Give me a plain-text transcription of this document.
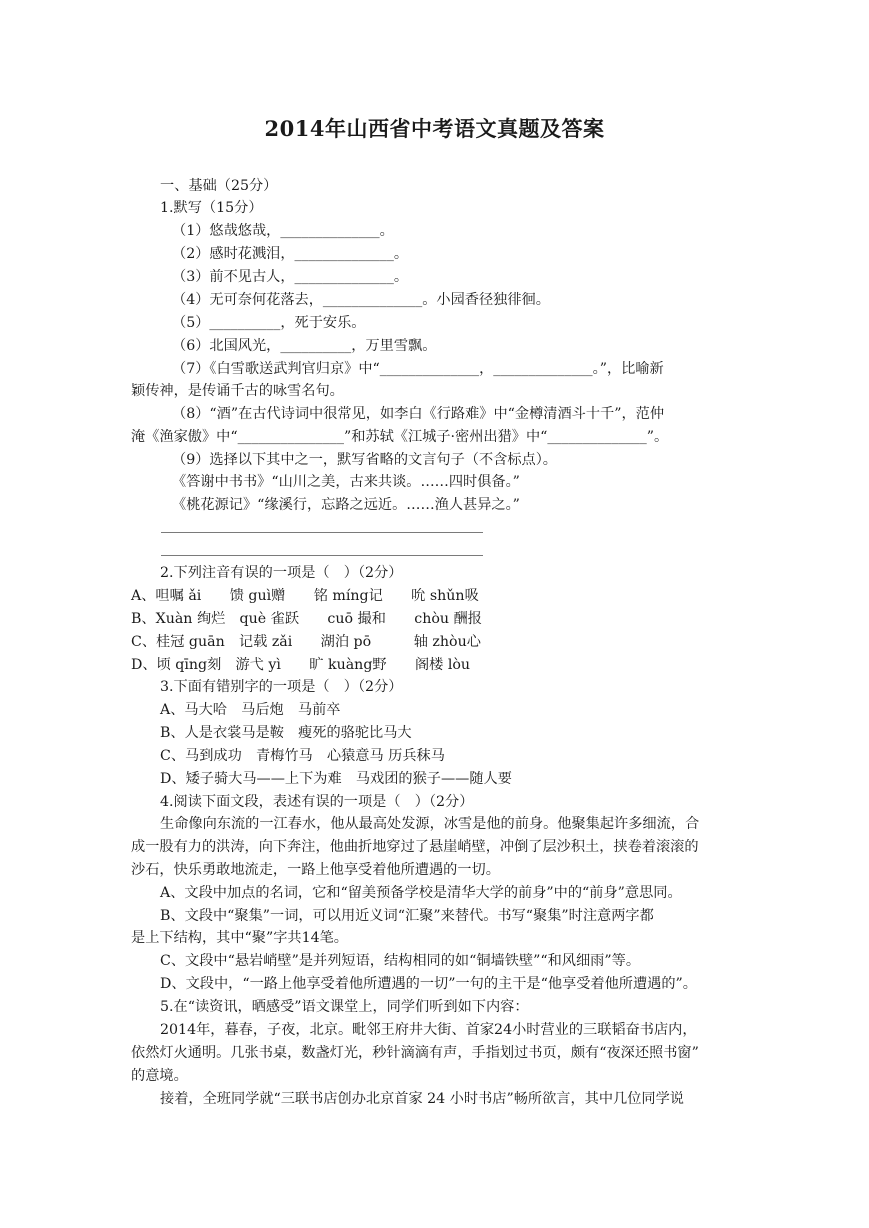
2014年山西省中考语文真题及答案
一、基础（25分）
1.默写（15分）
（1）悠哉悠哉，______________。
（2）感时花溅泪，______________。
（3）前不见古人，______________。
（4）无可奈何花落去，______________。小园香径独徘徊。
（5）__________，死于安乐。
（6）北国风光，__________，万里雪飘。
（7）《白雪歌送武判官归京》中“______________，______________。”，比喻新
颖传神，是传诵千古的咏雪名句。
（8）“酒”在古代诗词中很常见，如李白《行路难》中“金樽清酒斗十千”，范仲
淹《渔家傲》中“_______________”和苏轼《江城子·密州出猎》中“______________”。
（9）选择以下其中之一，默写省略的文言句子（不含标点）。
《答谢中书书》“山川之美，古来共谈。……四时俱备。”
《桃花源记》“缘溪行，忘路之远近。……渔人甚异之。”
2.下列注音有误的一项是（　）（2分）
A、呾嘱 ǎi　　馈 guì赠　　铭 míng记　　吮 shǔn吸
B、Xuàn 绚烂　què 雀跃　　cuō 撮和　　chòu 酬报
C、桂冠 guān　记载 zǎi　　湖泊 pō　　　轴 zhòu心
D、顷 qīng刻　游弋 yì　　旷 kuàng野　　阁楼 lòu
3.下面有错别字的一项是（　）（2分）
A、马大哈　马后炮　马前卒
B、人是衣裳马是鞍　瘦死的骆驼比马大
C、马到成功　青梅竹马　心猿意马 历兵秣马
D、矮子骑大马——上下为难　马戏团的猴子——随人要
4.阅读下面文段，表述有误的一项是（　）（2分）
生命像向东流的一江春水，他从最高处发源，冰雪是他的前身。他聚集起许多细流，合
成一股有力的洪涛，向下奔注，他曲折地穿过了悬崖峭壁，冲倒了层沙积土，挟卷着滚滚的
沙石，快乐勇敢地流走，一路上他享受着他所遭遇的一切。
A、文段中加点的名词，它和“留美预备学校是清华大学的前身”中的“前身”意思同。
B、文段中“聚集”一词，可以用近义词“汇聚”来替代。书写“聚集”时注意两字都
是上下结构，其中“聚”字共14笔。
C、文段中“悬岩峭壁”是并列短语，结构相同的如“铜墙铁壁”“和风细雨”等。
D、文段中，“一路上他享受着他所遭遇的一切”一句的主干是“他享受着他所遭遇的”。
5.在“读资讯，晒感受”语文课堂上，同学们听到如下内容：
2014年，暮春，子夜，北京。毗邻王府井大街、首家24小时营业的三联韬奋书店内，
依然灯火通明。几张书桌，数盏灯光，秒针滴滴有声，手指划过书页，颇有“夜深还照书窗”
的意境。
接着，全班同学就“三联书店创办北京首家 24 小时书店”畅所欲言，其中几位同学说
